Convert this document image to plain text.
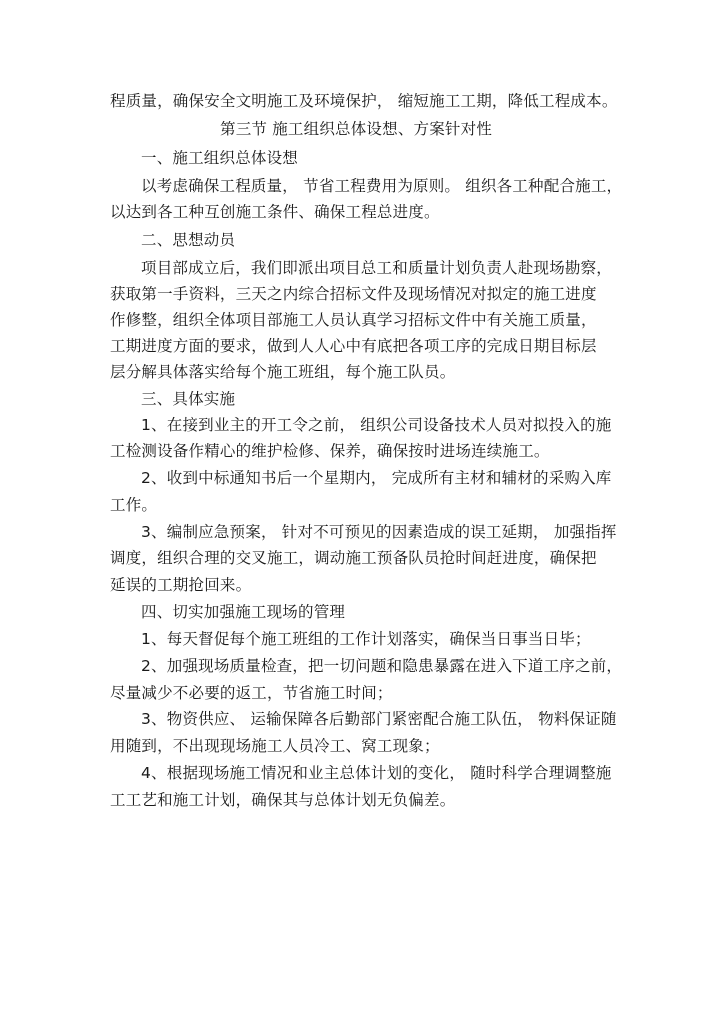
程质量，确保安全文明施工及环境保护， 缩短施工工期，降低工程成本。
第三节 施工组织总体设想、方案针对性
一、施工组织总体设想
以考虑确保工程质量， 节省工程费用为原则。 组织各工种配合施工，
以达到各工种互创施工条件、确保工程总进度。
二、思想动员
项目部成立后，我们即派出项目总工和质量计划负责人赴现场勘察，
获取第一手资料，三天之内综合招标文件及现场情况对拟定的施工进度
作修整，组织全体项目部施工人员认真学习招标文件中有关施工质量，
工期进度方面的要求，做到人人心中有底把各项工序的完成日期目标层
层分解具体落实给每个施工班组，每个施工队员。
三、具体实施
1、在接到业主的开工令之前， 组织公司设备技术人员对拟投入的施
工检测设备作精心的维护检修、保养，确保按时进场连续施工。
2、收到中标通知书后一个星期内， 完成所有主材和辅材的采购入库
工作。
3、编制应急预案， 针对不可预见的因素造成的误工延期， 加强指挥
调度，组织合理的交叉施工，调动施工预备队员抢时间赶进度，确保把
延误的工期抢回来。
四、切实加强施工现场的管理
1、每天督促每个施工班组的工作计划落实，确保当日事当日毕；
2、加强现场质量检查，把一切问题和隐患暴露在进入下道工序之前，
尽量减少不必要的返工，节省施工时间；
3、物资供应、 运输保障各后勤部门紧密配合施工队伍， 物料保证随
用随到，不出现现场施工人员冷工、窝工现象；
4、根据现场施工情况和业主总体计划的变化， 随时科学合理调整施
工工艺和施工计划，确保其与总体计划无负偏差。
